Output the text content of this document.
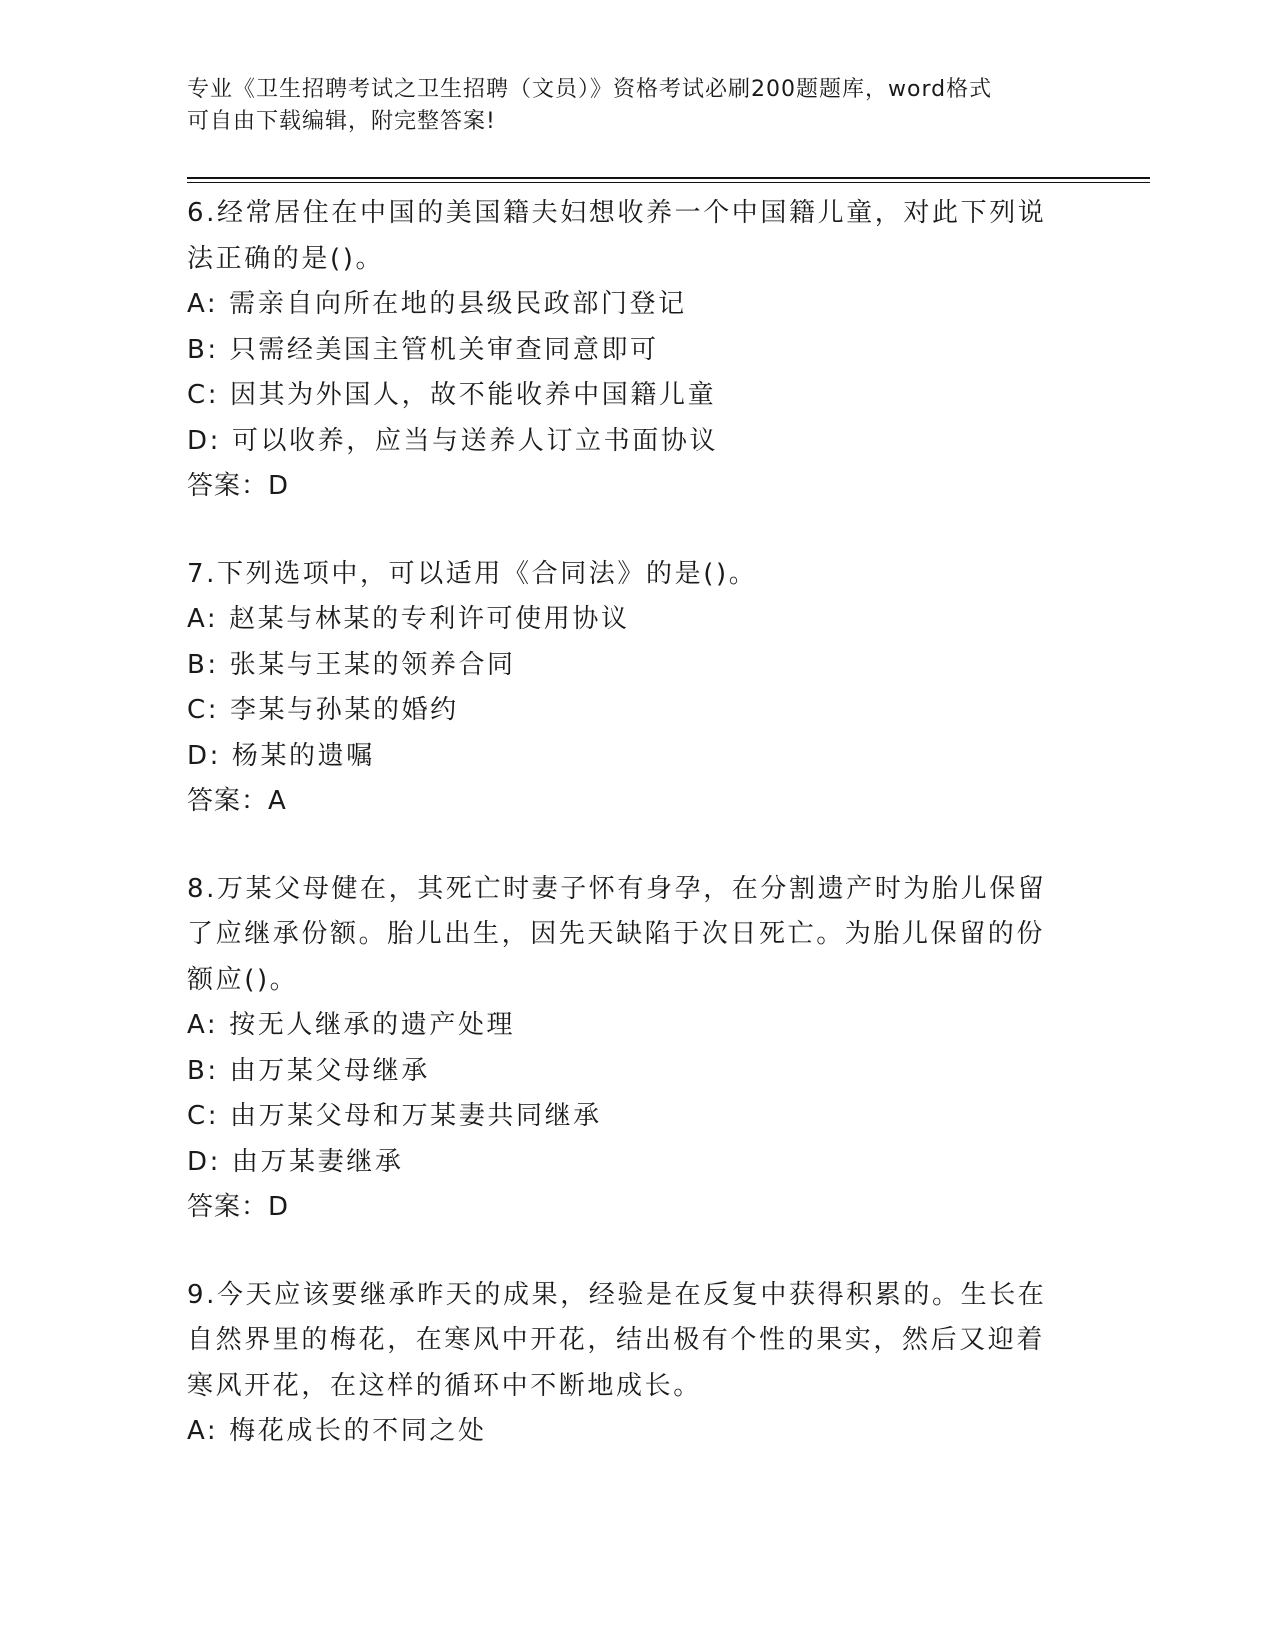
专业《卫生招聘考试之卫生招聘（文员）》资格考试必刷200题题库，word格式
可自由下载编辑，附完整答案!
6.经常居住在中国的美国籍夫妇想收养一个中国籍儿童，对此下列说
法正确的是()。
A: 需亲自向所在地的县级民政部门登记
B: 只需经美国主管机关审查同意即可
C: 因其为外国人，故不能收养中国籍儿童
D: 可以收养，应当与送养人订立书面协议
答案：D
7.下列选项中，可以适用《合同法》的是()。
A: 赵某与林某的专利许可使用协议
B: 张某与王某的领养合同
C: 李某与孙某的婚约
D: 杨某的遗嘱
答案：A
8.万某父母健在，其死亡时妻子怀有身孕，在分割遗产时为胎儿保留
了应继承份额。胎儿出生，因先天缺陷于次日死亡。为胎儿保留的份
额应()。
A: 按无人继承的遗产处理
B: 由万某父母继承
C: 由万某父母和万某妻共同继承
D: 由万某妻继承
答案：D
9.今天应该要继承昨天的成果，经验是在反复中获得积累的。生长在
自然界里的梅花，在寒风中开花，结出极有个性的果实，然后又迎着
寒风开花，在这样的循环中不断地成长。
A: 梅花成长的不同之处
